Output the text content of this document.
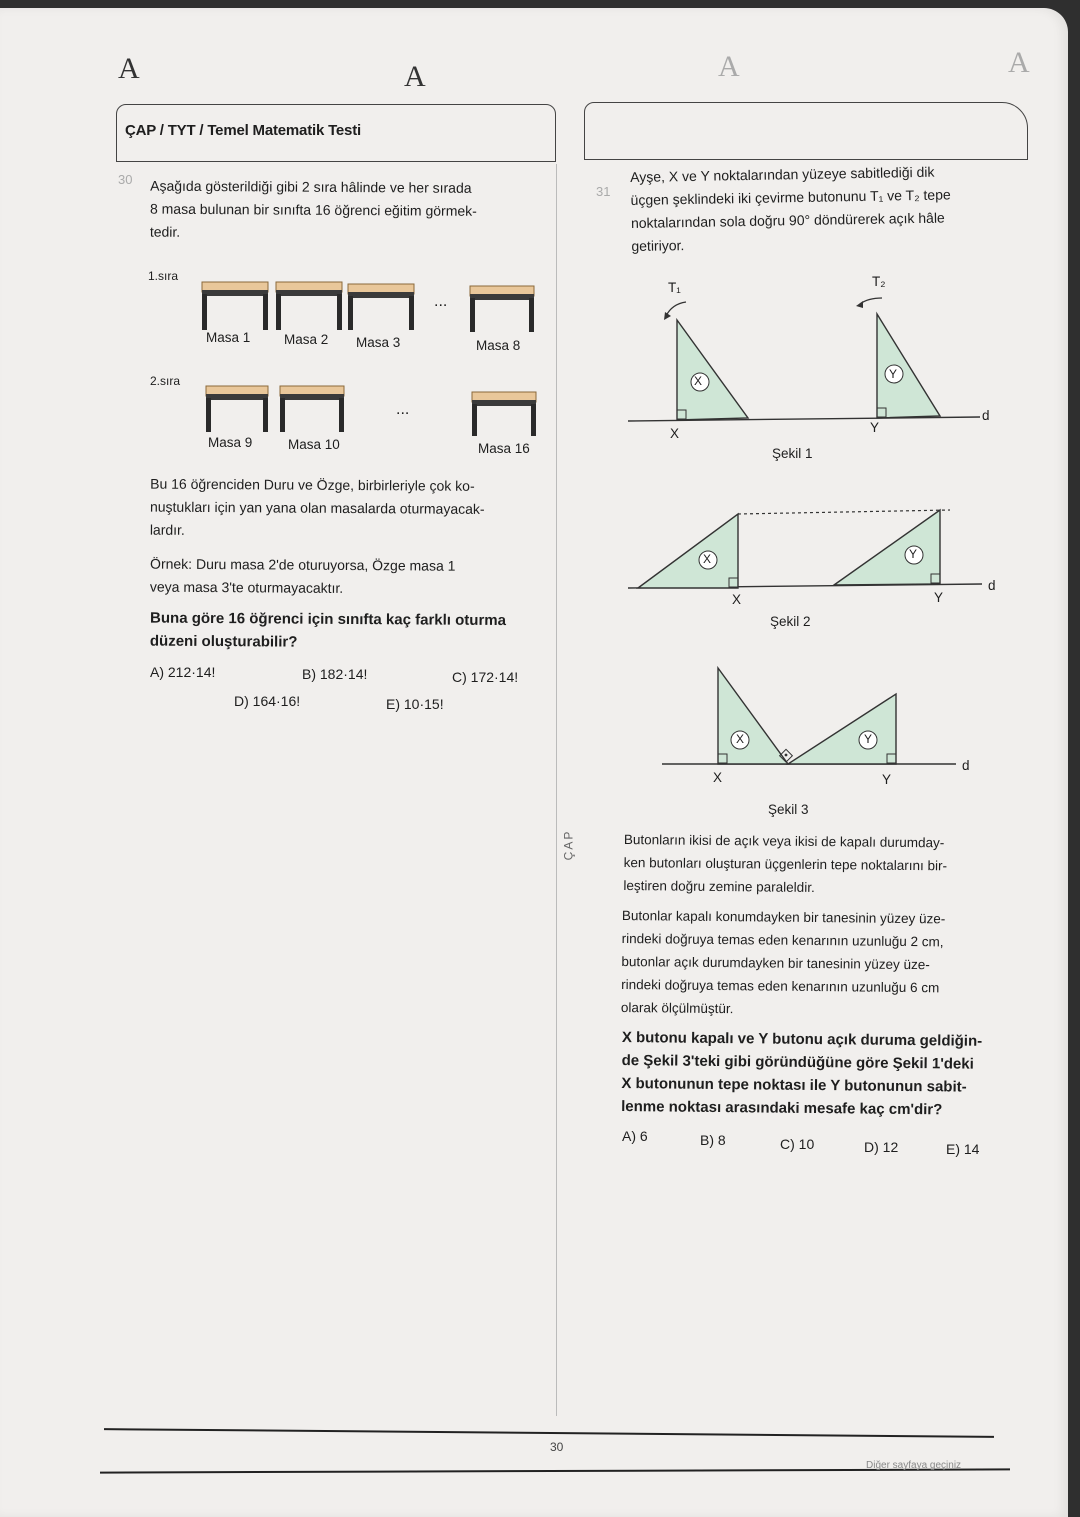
A	A	A	A
ÇAP / TYT / Temel Matematik Testi
30 Aşağıda gösterildiği gibi 2 sıra hâlinde ve her sırada
8 masa bulunan bir sınıfta 16 öğrenci eğitim görmek-
tedir.
1.sıra
2.sıra
...
Masa 1 Masa 2 Masa 3	Masa 8
...
Masa 9	Masa 10	Masa 16
Bu 16 öğrenciden Duru ve Özge, birbirleriyle çok ko-
nuştukları için yan yana olan masalarda oturmayacak-
lardır.
Örnek: Duru masa 2'de oturuyorsa, Özge masa 1
veya masa 3'te oturmayacaktır.
Buna göre 16 öğrenci için sınıfta kaç farklı oturma
düzeni oluşturabilir?
A) 212·14!	B) 182·14!	C) 172·14!
D) 164·16!	E) 10·15!
ÇAP
31
Ayşe, X ve Y noktalarından yüzeye sabitlediği dik
üçgen şeklindeki iki çevirme butonunu T₁ ve T₂ tepe
noktalarından sola doğru 90° döndürerek açık hâle
getiriyor.
X	Y
T₁	T₂
X	Y
d
Şekil 1
X	Y
X	Y
d
Şekil 2
X	Y
X	Y
d
Şekil 3
Butonların ikisi de açık veya ikisi de kapalı durumday-
ken butonları oluşturan üçgenlerin tepe noktalarını bir-
leştiren doğru zemine paraleldir.
Butonlar kapalı konumdayken bir tanesinin yüzey üze-
rindeki doğruya temas eden kenarının uzunluğu 2 cm,
butonlar açık durumdayken bir tanesinin yüzey üze-
rindeki doğruya temas eden kenarının uzunluğu 6 cm
olarak ölçülmüştür.
X butonu kapalı ve Y butonu açık duruma geldiğin-
de Şekil 3'teki gibi göründüğüne göre Şekil 1'deki
X butonunun tepe noktası ile Y butonunun sabit-
lenme noktası arasındaki mesafe kaç cm'dir?
A) 6	B) 8	C) 10	D) 12	E) 14
30
Diğer sayfaya geçiniz
